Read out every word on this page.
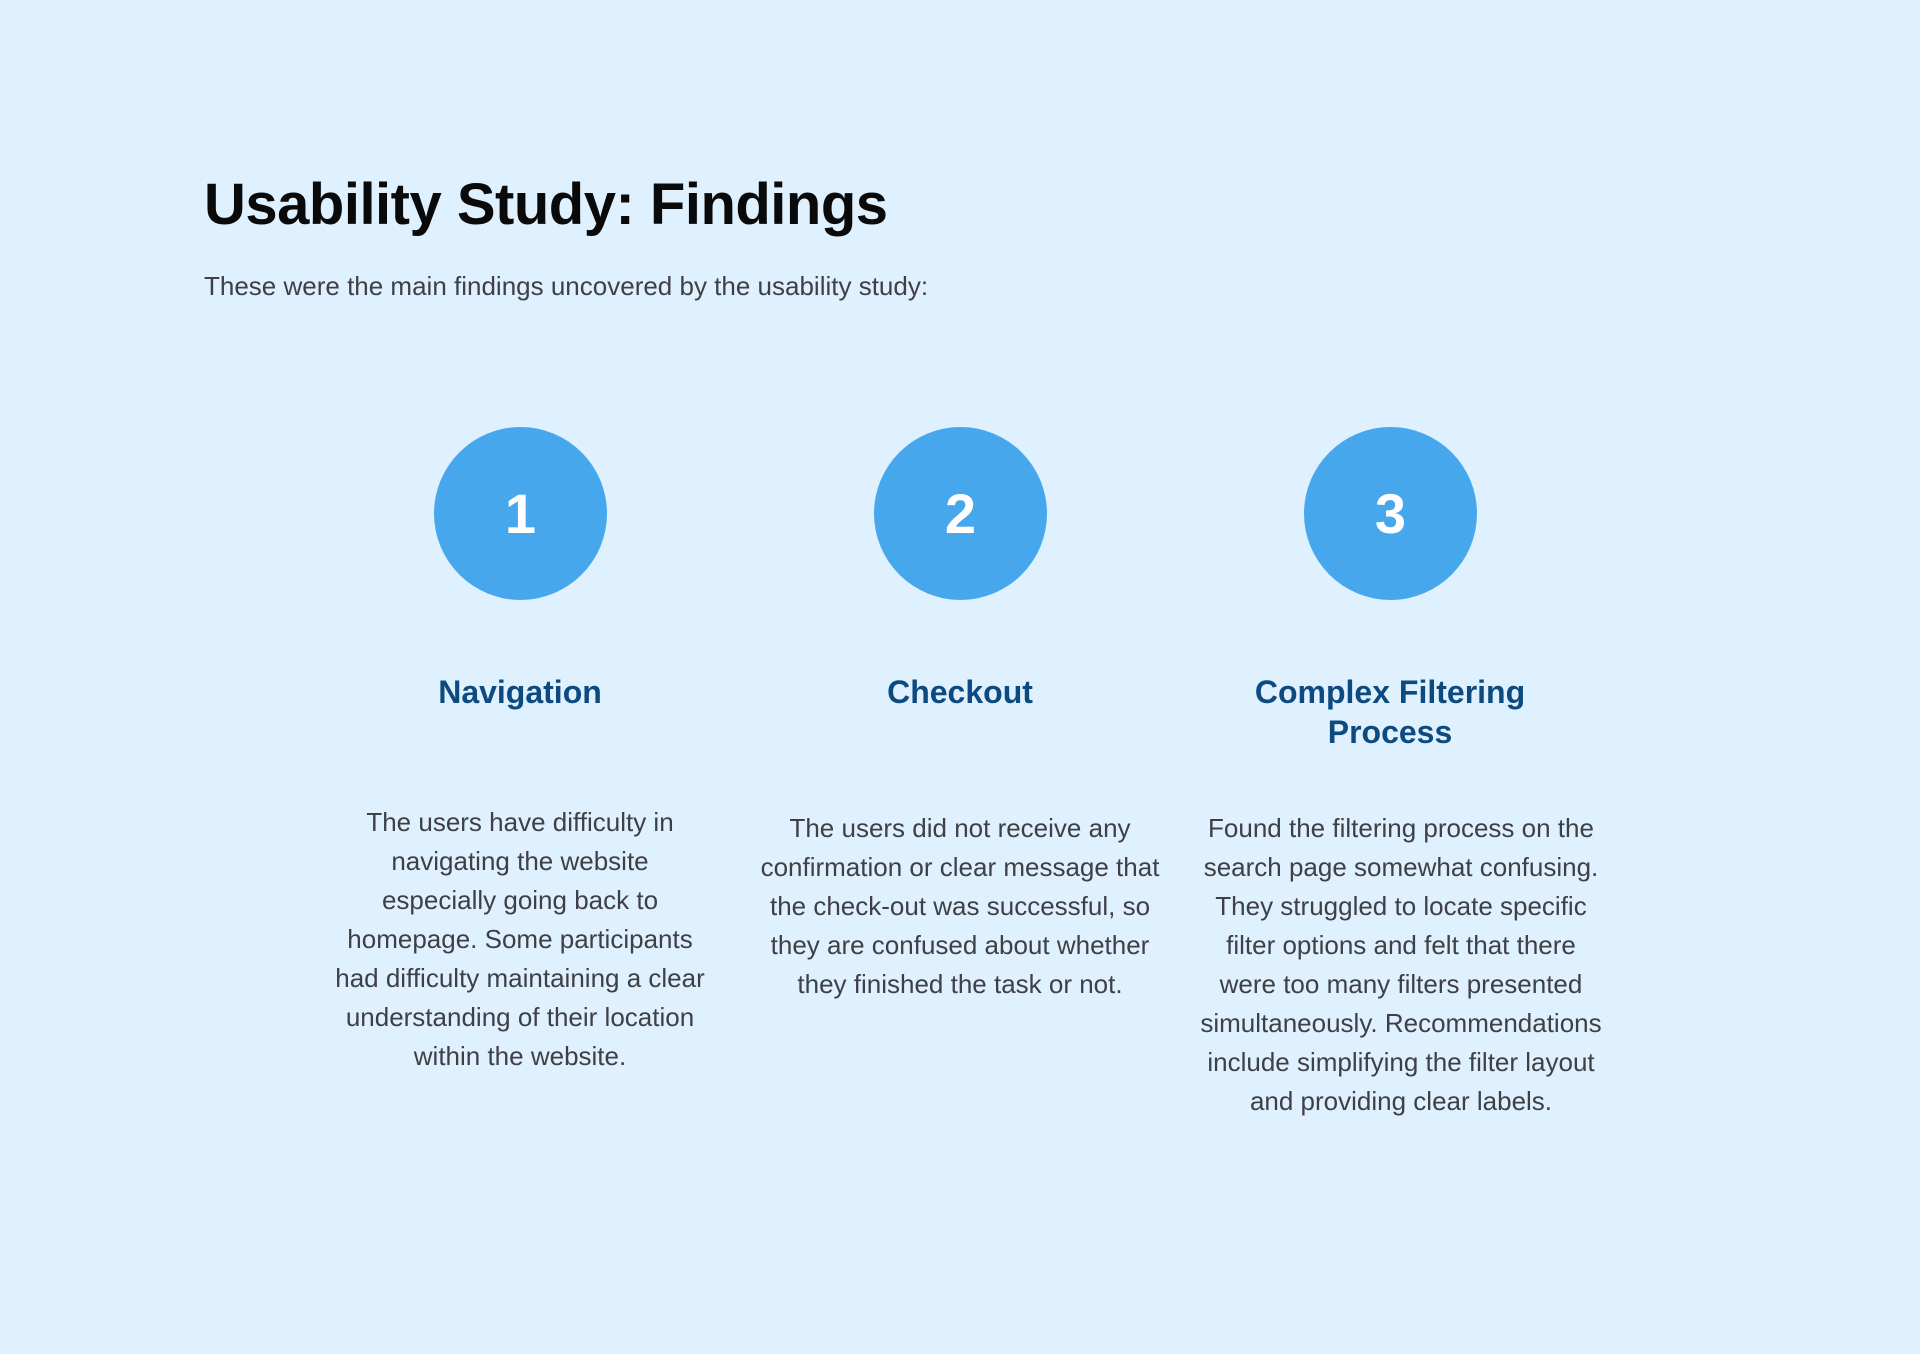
Usability Study: Findings

These were the main findings uncovered by the usability study:

1
Navigation

The users have difficulty in navigating the website especially going back to homepage. Some participants had difficulty maintaining a clear understanding of their location within the website.

2
Checkout

The users did not receive any confirmation or clear message that the check-out was successful, so they are confused about whether they finished the task or not.

3
Complex Filtering Process

Found the filtering process on the search page somewhat confusing. They struggled to locate specific filter options and felt that there were too many filters presented simultaneously. Recommendations include simplifying the filter layout and providing clear labels.
